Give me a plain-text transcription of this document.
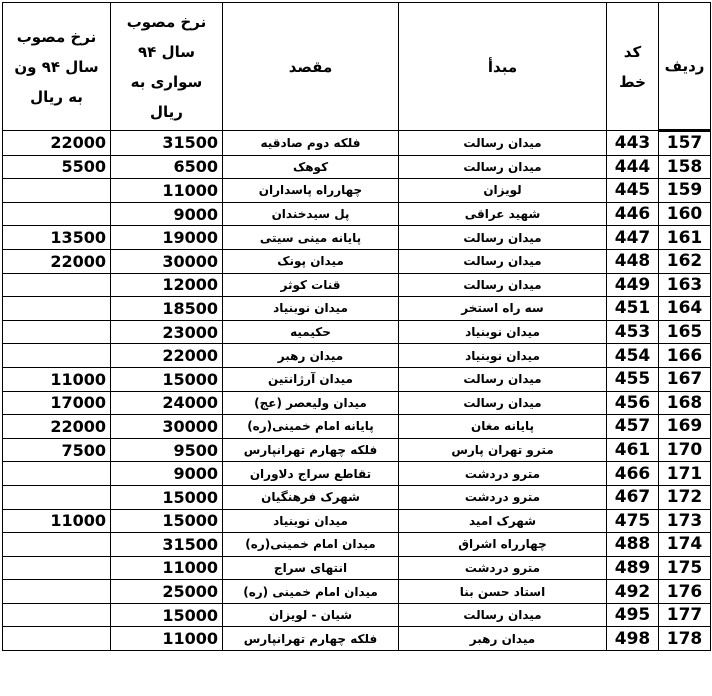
ردیف	کد خط	مبدأ	مقصد	نرخ مصوب سال ۹۴ سواری به ریال	نرخ مصوب سال ۹۴ ون به ریال
157	443	میدان رسالت	فلکه دوم صادقیه	31500	22000
158	444	میدان رسالت	کوهک	6500	5500
159	445	لویزان	چهارراه پاسداران	11000	
160	446	شهید عراقی	پل سیدخندان	9000	
161	447	میدان رسالت	پایانه مینی سیتی	19000	13500
162	448	میدان رسالت	میدان پونک	30000	22000
163	449	میدان رسالت	قنات کوثر	12000	
164	451	سه راه استخر	میدان نوبنیاد	18500	
165	453	میدان نوبنیاد	حکیمیه	23000	
166	454	میدان نوبنیاد	میدان رهبر	22000	
167	455	میدان رسالت	میدان آرژانتین	15000	11000
168	456	میدان رسالت	میدان ولیعصر (عج)	24000	17000
169	457	پایانه مغان	پایانه امام خمینی(ره)	30000	22000
170	461	مترو تهران پارس	فلکه چهارم تهرانپارس	9500	7500
171	466	مترو دردشت	تقاطع سراج دلاوران	9000	
172	467	مترو دردشت	شهرک فرهنگیان	15000	
173	475	شهرک امید	میدان نوبنیاد	15000	11000
174	488	چهارراه اشراق	میدان امام خمینی(ره)	31500	
175	489	مترو دردشت	انتهای سراج	11000	
176	492	استاد حسن بنا	میدان امام خمینی (ره)	25000	
177	495	میدان رسالت	شیان - لویزان	15000	
178	498	میدان رهبر	فلکه چهارم تهرانپارس	11000	
